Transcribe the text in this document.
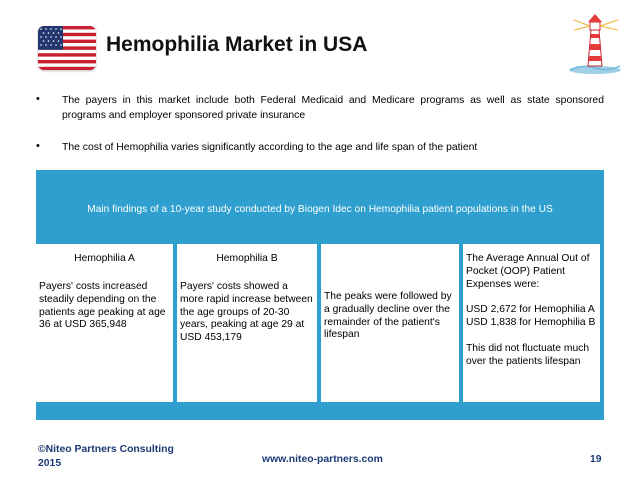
Hemophilia Market in USA
• The payers in this market include both Federal Medicaid and Medicare programs as well as state sponsored programs and employer sponsored private insurance
• The cost of Hemophilia varies significantly according to the age and life span of the patient
Main findings of a 10-year study conducted by Biogen Idec on Hemophilia patient populations in the US
Hemophilia A

Payers' costs increased steadily depending on the patients age peaking at age 36 at USD 365,948

Hemophilia B

Payers' costs showed a more rapid increase between the age groups of 20-30 years, peaking at age 29 at USD 453,179

The peaks were followed by a gradually decline over the remainder of the patient's lifespan

The Average Annual Out of Pocket (OOP) Patient Expenses were:

USD 2,672 for Hemophilia A

USD 1,838 for Hemophilia B

This did not fluctuate much over the patients lifespan

©Niteo Partners Consulting
2015	www.niteo-partners.com	19
